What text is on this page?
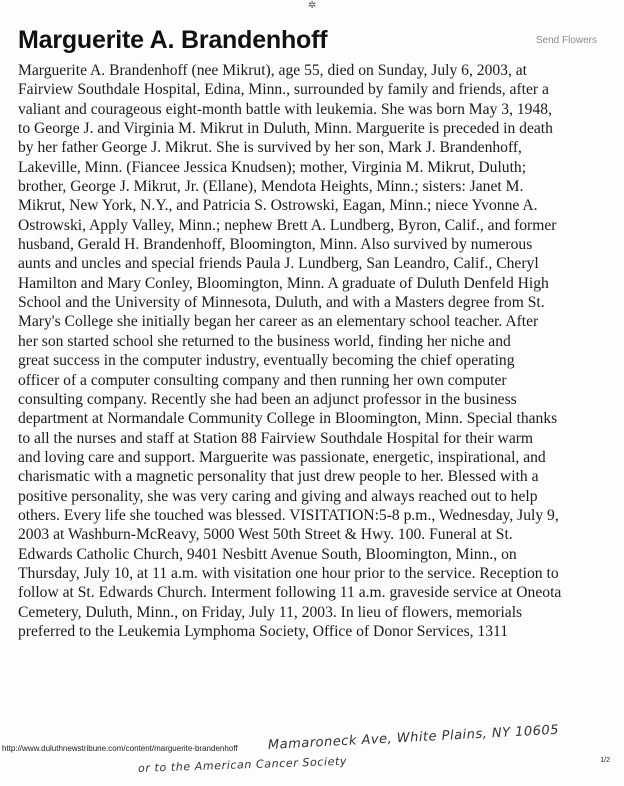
✲
Marguerite A. Brandenhoff	Send Flowers

Marguerite A. Brandenhoff (nee Mikrut), age 55, died on Sunday, July 6, 2003, at
Fairview Southdale Hospital, Edina, Minn., surrounded by family and friends, after a
valiant and courageous eight-month battle with leukemia. She was born May 3, 1948,
to George J. and Virginia M. Mikrut in Duluth, Minn. Marguerite is preceded in death
by her father George J. Mikrut. She is survived by her son, Mark J. Brandenhoff,
Lakeville, Minn. (Fiancee Jessica Knudsen); mother, Virginia M. Mikrut, Duluth;
brother, George J. Mikrut, Jr. (Ellane), Mendota Heights, Minn.; sisters: Janet M.
Mikrut, New York, N.Y., and Patricia S. Ostrowski, Eagan, Minn.; niece Yvonne A.
Ostrowski, Apply Valley, Minn.; nephew Brett A. Lundberg, Byron, Calif., and former
husband, Gerald H. Brandenhoff, Bloomington, Minn. Also survived by numerous
aunts and uncles and special friends Paula J. Lundberg, San Leandro, Calif., Cheryl
Hamilton and Mary Conley, Bloomington, Minn. A graduate of Duluth Denfeld High
School and the University of Minnesota, Duluth, and with a Masters degree from St.
Mary's College she initially began her career as an elementary school teacher. After
her son started school she returned to the business world, finding her niche and
great success in the computer industry, eventually becoming the chief operating
officer of a computer consulting company and then running her own computer
consulting company. Recently she had been an adjunct professor in the business
department at Normandale Community College in Bloomington, Minn. Special thanks
to all the nurses and staff at Station 88 Fairview Southdale Hospital for their warm
and loving care and support. Marguerite was passionate, energetic, inspirational, and
charismatic with a magnetic personality that just drew people to her. Blessed with a
positive personality, she was very caring and giving and always reached out to help
others. Every life she touched was blessed. VISITATION:5-8 p.m., Wednesday, July 9,
2003 at Washburn-McReavy, 5000 West 50th Street & Hwy. 100. Funeral at St.
Edwards Catholic Church, 9401 Nesbitt Avenue South, Bloomington, Minn., on
Thursday, July 10, at 11 a.m. with visitation one hour prior to the service. Reception to
follow at St. Edwards Church. Interment following 11 a.m. graveside service at Oneota
Cemetery, Duluth, Minn., on Friday, July 11, 2003. In lieu of flowers, memorials
preferred to the Leukemia Lymphoma Society, Office of Donor Services, 1311

http://www.duluthnewstribune.com/content/marguerite-brandenhoff Mamaroneck Ave, White Plains, NY 10605
or to the American Cancer Society	1/2
